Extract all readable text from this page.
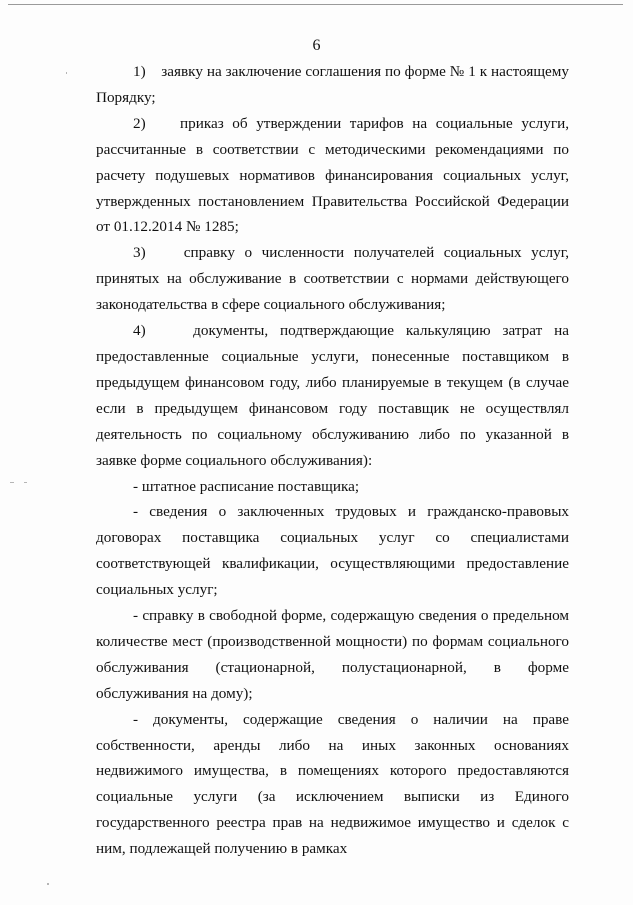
6

1)    заявку на заключение соглашения по форме № 1 к настоящему Порядку;

2)    приказ об утверждении тарифов на социальные услуги, рассчитанные в соответствии с методическими рекомендациями по расчету подушевых нормативов финансирования социальных услуг, утвержденных постановлением Правительства Российской Федерации от 01.12.2014 № 1285;

3)    справку о численности получателей социальных услуг, принятых на обслуживание в соответствии с нормами действующего законодательства в сфере социального обслуживания;

4)    документы, подтверждающие калькуляцию затрат на предоставленные социальные услуги, понесенные поставщиком в предыдущем финансовом году, либо планируемые в текущем (в случае если в предыдущем финансовом году поставщик не осуществлял деятельность по социальному обслуживанию либо по указанной в заявке форме социального обслуживания):

- штатное расписание поставщика;

- сведения о заключенных трудовых и гражданско-правовых договорах поставщика социальных услуг со специалистами соответствующей квалификации, осуществляющими предоставление социальных услуг;

- справку в свободной форме, содержащую сведения о предельном количестве мест (производственной мощности) по формам социального обслуживания (стационарной, полустационарной, в форме обслуживания на дому);

- документы, содержащие сведения о наличии на праве собственности, аренды либо на иных законных основаниях недвижимого имущества, в помещениях которого предоставляются социальные услуги (за исключением выписки из Единого государственного реестра прав на недвижимое имущество и сделок с ним, подлежащей получению в рамках
